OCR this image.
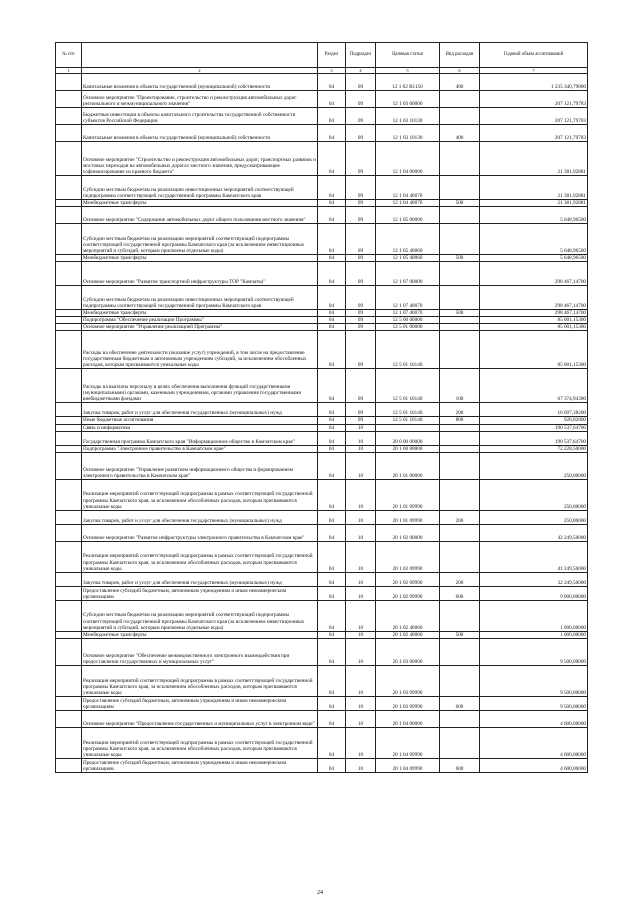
№ п/п		Раздел	Подраздел	Целевая статья	Вид расходов	Годовой объем ассигнований
1	2	3	4	5	6	7
	Капитальные вложения в объекты государственной (муниципальной) собственности	04	09	12 1 02 R1150	400	1 235 340,79800
	Основное мероприятие "Проектирование, строительство и реконструкция автомобильных дорог регионального и межмуниципального значения"	04	09	12 1 03 00000		207 121,79783
	Бюджетные инвестиции в объекты капитального строительства государственной собственности субъектов Российской Федерации	04	09	12 1 03 10130		207 121,79783
	Капитальные вложения в объекты государственной (муниципальной) собственности	04	09	12 1 03 10130	400	207 121,79783
	Основное мероприятие "Строительство и реконструкция автомобильных дорог, транспортных развязок и мостовых переходов на автомобильных дорогах местного значения, предусматривающее софинансирование из краевого бюджета"	04	09	12 1 04 00000		21 381,92881
	Субсидии местным бюджетам на реализацию инвестиционных мероприятий соответствующей подпрограммы соответствующей государственной программы Камчатского края	04	09	12 1 04 40070		21 381,92881
	Межбюджетные трансферты	04	09	12 1 04 40070	500	21 381,92881
	Основное мероприятие "Содержание автомобильных дорог общего пользования местного значения"	04	09	12 1 05 00000		5 648,96500
	Субсидии местным бюджетам на реализацию мероприятий соответствующей подпрограммы соответствующей государственной программы Камчатского края (за исключением инвестиционных мероприятий и субсидий, которым присвоены отдельные коды)	04	09	12 1 05 40060		5 648,96500
	Межбюджетные трансферты	04	09	12 1 05 40060	500	5 648,96500
	Основное мероприятие "Развитие транспортной инфраструктуры ТОР "Камчатка"	04	09	12 1 07 00000		298 467,14700
	Субсидии местным бюджетам на реализацию инвестиционных мероприятий соответствующей подпрограммы соответствующей государственной программы Камчатского края	04	09	12 1 07 40070		298 467,14700
	Межбюджетные трансферты	04	09	12 1 07 40070	500	298 467,14700
	Подпрограмма "Обеспечение реализации Программы"	04	09	12 5 00 00000		85 001,15300
	Основное мероприятие "Управление реализацией Программы"	04	09	12 5 01 00000		85 001,15300
	Расходы на обеспечение деятельности (оказание услуг) учреждений, в том числе на предоставление государственным бюджетным и автономным учреждениям субсидий, за исключением обособленных расходов, которым присваиваются уникальные коды	04	09	12 5 01 10140		85 001,15300
	Расходы на выплаты персоналу в целях обеспечения выполнения функций государственными (муниципальными) органами, казенными учреждениями, органами управления государственными внебюджетными фондами	04	09	12 5 01 10140	100	67 374,94300
	Закупка товаров, работ и услуг для обеспечения государственных (муниципальных) нужд	04	09	12 5 01 10140	200	16 697,38200
	Иные бюджетные ассигнования	04	09	12 5 01 10140	800	928,82800
	Связь и информатика	04	10			190 537,64700
	Государственная программа Камчатского края "Информационное общество в Камчатском крае"	04	10	20 0 00 00000		190 537,64700
	Подпрограмма "Электронное правительство в Камчатском крае"	04	10	20 1 00 00000		72 228,50000
	Основное мероприятие "Управление развитием информационного общества и формированием электронного правительства в Камчатском крае"	04	10	20 1 01 00000		250,00000
	Реализация мероприятий соответствующей подпрограммы в рамках соответствующей государственной программы Камчатского края, за исключением обособленных расходов, которым присваиваются уникальные коды	04	10	20 1 01 09990		250,00000
	Закупка товаров, работ и услуг для обеспечения государственных (муниципальных) нужд	04	10	20 1 01 09990	200	250,00000
	Основное мероприятие "Развитие инфраструктуры электронного правительства в Камчатском крае"	04	10	20 1 02 00000		42 249,50000
	Реализация мероприятий соответствующей подпрограммы в рамках соответствующей государственной программы Камчатского края, за исключением обособленных расходов, которым присваиваются уникальные коды	04	10	20 1 02 09990		41 249,50000
	Закупка товаров, работ и услуг для обеспечения государственных (муниципальных) нужд	04	10	20 1 02 09990	200	32 249,50000
	Предоставление субсидий бюджетным, автономным учреждениям и иным некоммерческим организациям	04	10	20 1 02 09990	600	9 000,00000
	Субсидии местным бюджетам на реализацию мероприятий соответствующей подпрограммы соответствующей государственной программы Камчатского края (за исключением инвестиционных мероприятий и субсидий, которым присвоены отдельные коды)	04	10	20 1 02 40060		1 000,00000
	Межбюджетные трансферты	04	10	20 1 02 40060	500	1 000,00000
	Основное мероприятие "Обеспечение межведомственного электронного взаимодействия при предоставлении государственных и муниципальных услуг"	04	10	20 1 03 00000		9 500,00000
	Реализация мероприятий соответствующей подпрограммы в рамках соответствующей государственной программы Камчатского края, за исключением обособленных расходов, которым присваиваются уникальные коды	04	10	20 1 03 09990		9 500,00000
	Предоставление субсидий бюджетным, автономным учреждениям и иным некоммерческим организациям	04	10	20 1 03 09990	600	9 500,00000
	Основное мероприятие "Предоставление государственных и муниципальных услуг в электронном виде"	04	10	20 1 04 00000		4 600,00000
	Реализация мероприятий соответствующей подпрограммы в рамках соответствующей государственной программы Камчатского края, за исключением обособленных расходов, которым присваиваются уникальные коды	04	10	20 1 04 09990		4 600,00000
	Предоставление субсидий бюджетным, автономным учреждениям и иным некоммерческим организациям	04	10	20 1 04 09990	600	4 600,00000
24
